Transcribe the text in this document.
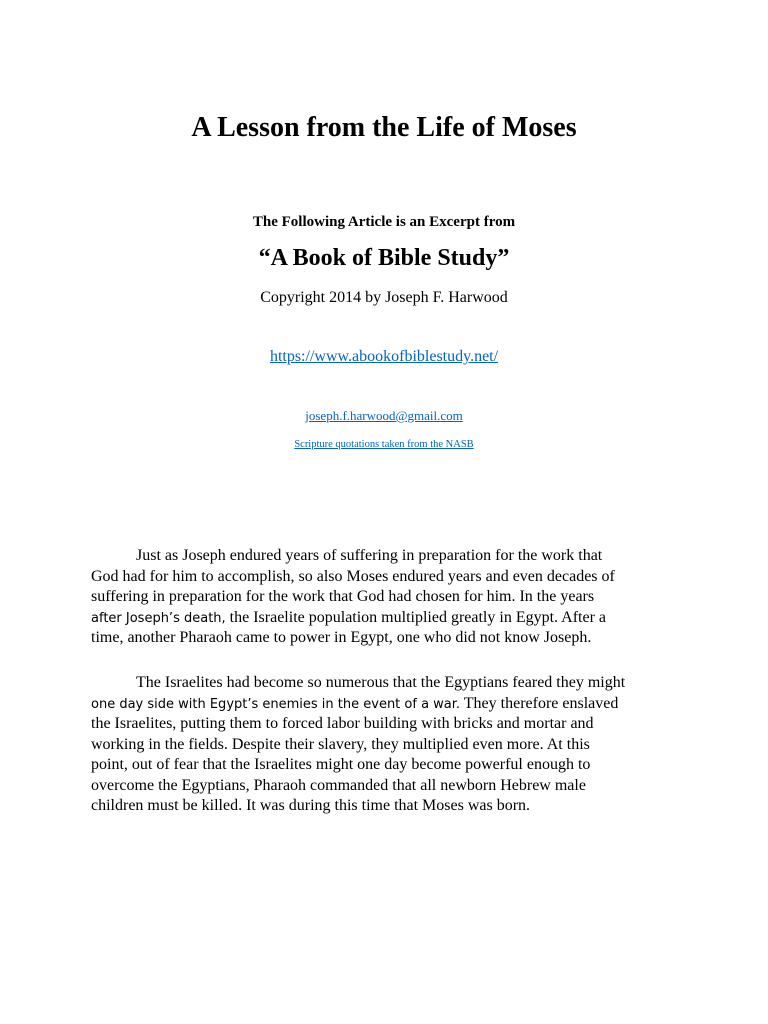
A Lesson from the Life of Moses
The Following Article is an Excerpt from
“A Book of Bible Study”
Copyright 2014 by Joseph F. Harwood
https://www.abookofbiblestudy.net/
joseph.f.harwood@gmail.com
Scripture quotations taken from the NASB
Just as Joseph endured years of suffering in preparation for the work that
God had for him to accomplish, so also Moses endured years and even decades of
suffering in preparation for the work that God had chosen for him. In the years
after Joseph’s death, the Israelite population multiplied greatly in Egypt. After a
time, another Pharaoh came to power in Egypt, one who did not know Joseph.
The Israelites had become so numerous that the Egyptians feared they might
one day side with Egypt’s enemies in the event of a war. They therefore enslaved
the Israelites, putting them to forced labor building with bricks and mortar and
working in the fields. Despite their slavery, they multiplied even more. At this
point, out of fear that the Israelites might one day become powerful enough to
overcome the Egyptians, Pharaoh commanded that all newborn Hebrew male
children must be killed. It was during this time that Moses was born.
